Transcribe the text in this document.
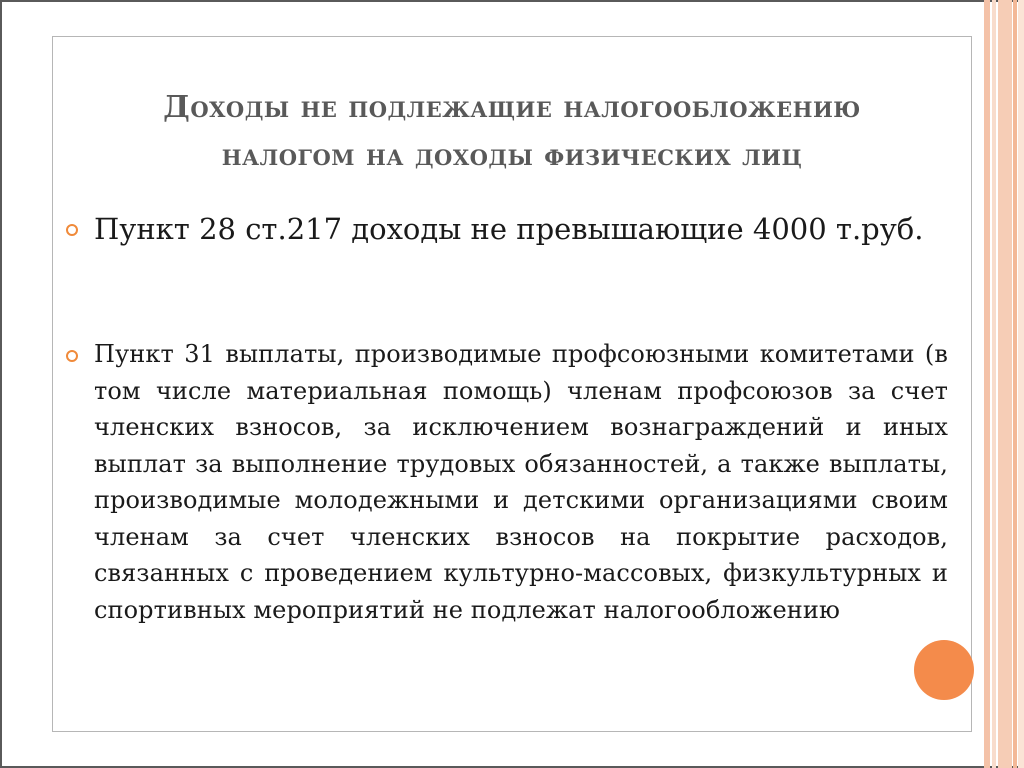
Доходы не подлежащие налогообложению
налогом на доходы физических лиц
Пункт 28 ст.217 доходы не превышающие 4000 т.руб.
Пункт 31 выплаты, производимые профсоюзными комитетами (в том числе материальная помощь) членам профсоюзов за счет членских взносов, за исключением вознаграждений и иных выплат за выполнение трудовых обязанностей, а также выплаты, производимые молодежными и детскими организациями своим членам за счет членских взносов на покрытие расходов, связанных с проведением культурно-массовых, физкультурных и спортивных мероприятий не подлежат налогообложению
